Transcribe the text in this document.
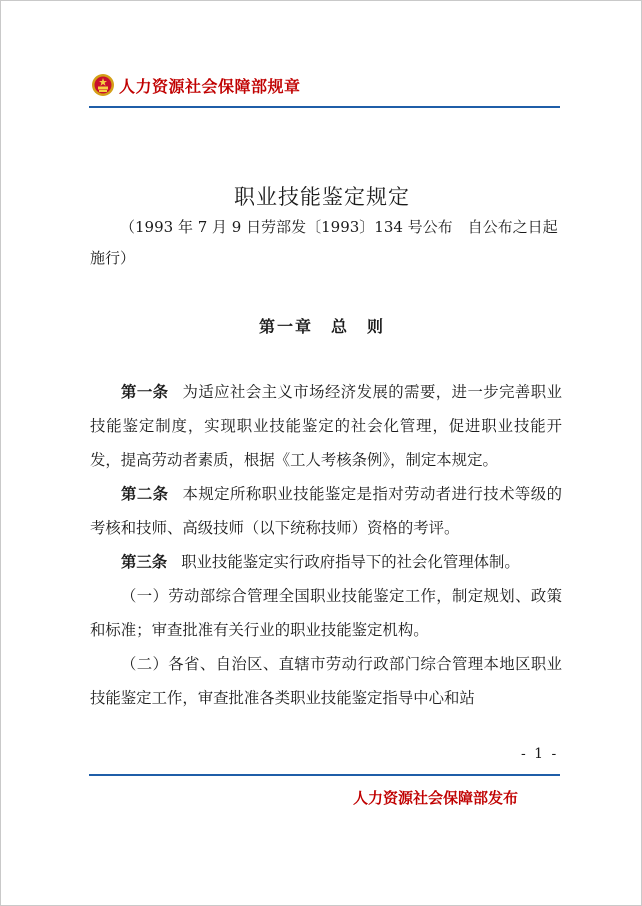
人力资源社会保障部规章
职业技能鉴定规定
（1993 年 7 月 9 日劳部发〔1993〕134 号公布　自公布之日起施行）
第一章　总　则

第一条 为适应社会主义市场经济发展的需要，进一步完善职业技能鉴定制度，实现职业技能鉴定的社会化管理，促进职业技能开发，提高劳动者素质，根据《工人考核条例》，制定本规定。

第二条 本规定所称职业技能鉴定是指对劳动者进行技术等级的考核和技师、高级技师（以下统称技师）资格的考评。

第三条 职业技能鉴定实行政府指导下的社会化管理体制。

（一）劳动部综合管理全国职业技能鉴定工作，制定规划、政策和标准；审查批准有关行业的职业技能鉴定机构。

（二）各省、自治区、直辖市劳动行政部门综合管理本地区职业技能鉴定工作，审查批准各类职业技能鉴定指导中心和站

- 1 -
人力资源社会保障部发布
